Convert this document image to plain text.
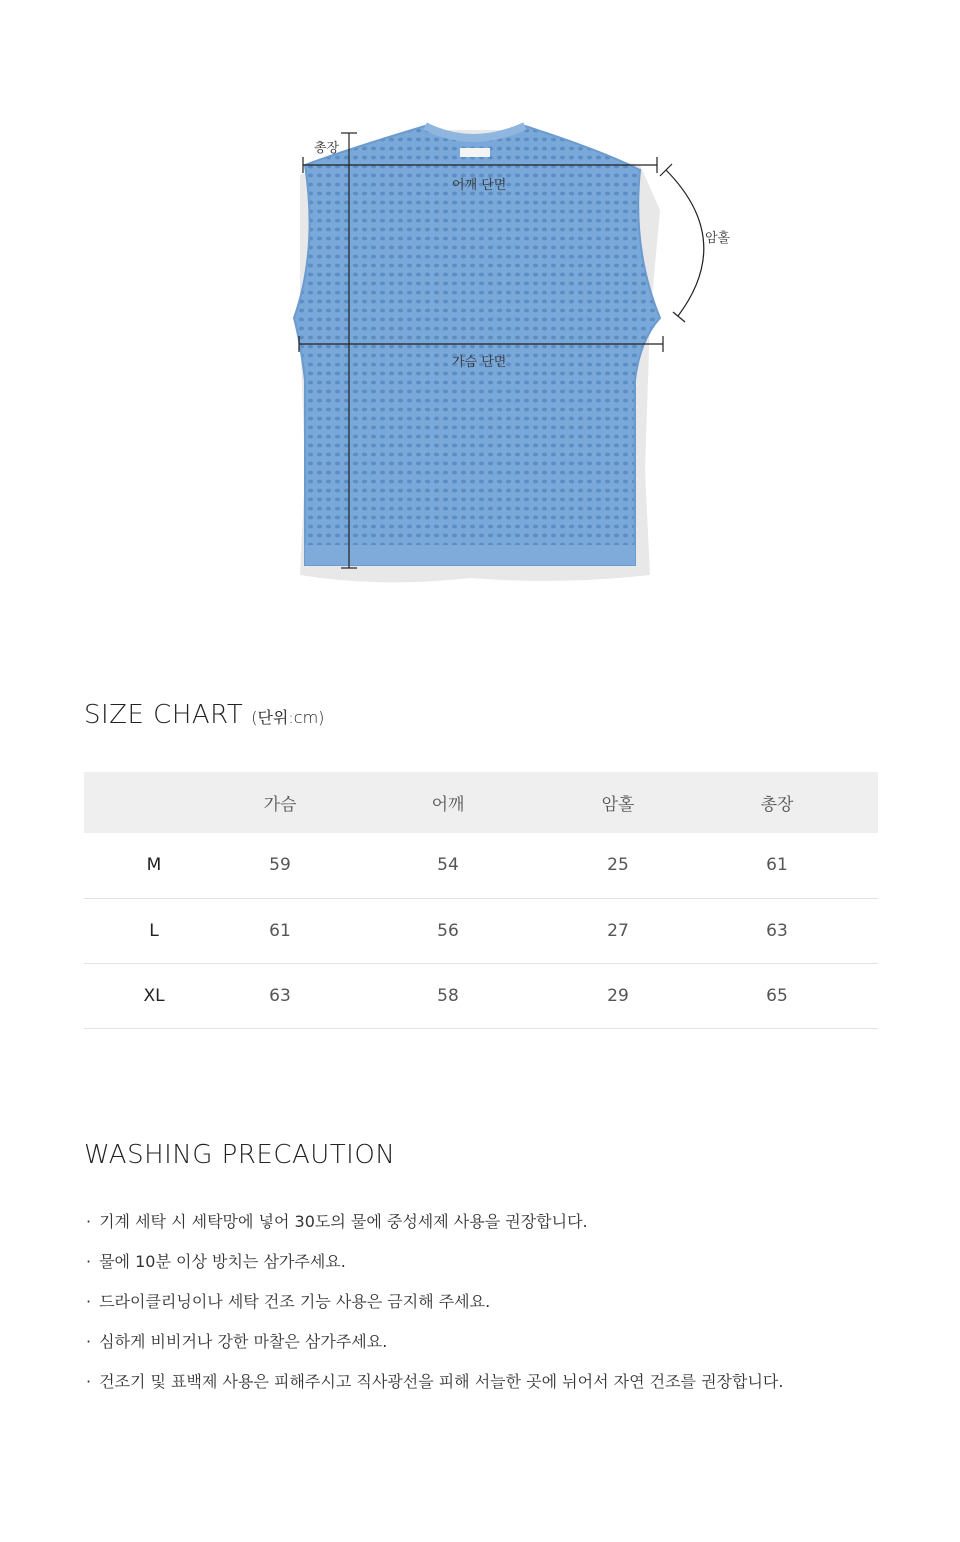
총장
어깨 단면
암홀
가슴 단면
SIZE CHART (단위:cm)
	가슴	어깨	암홀	총장
M	59	54	25	61
L	61	56	27	63
XL	63	58	29	65
WASHING PRECAUTION
· 기계 세탁 시 세탁망에 넣어 30도의 물에 중성세제 사용을 권장합니다.
· 물에 10분 이상 방치는 삼가주세요.
· 드라이클리닝이나 세탁 건조 기능 사용은 금지해 주세요.
· 심하게 비비거나 강한 마찰은 삼가주세요.
· 건조기 및 표백제 사용은 피해주시고 직사광선을 피해 서늘한 곳에 뉘어서 자연 건조를 권장합니다.
